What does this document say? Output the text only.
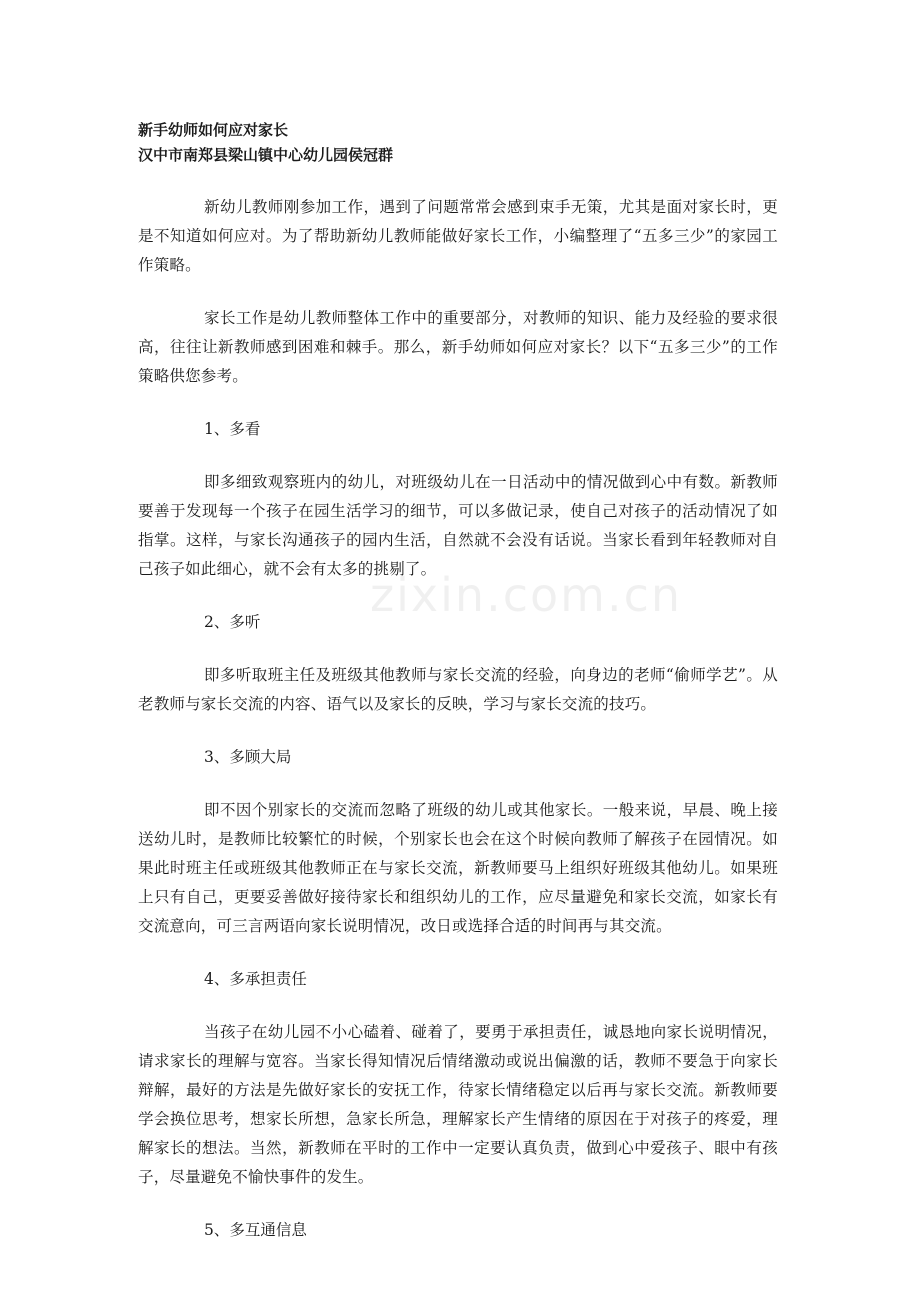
zixin.com.cn

新手幼师如何应对家长

汉中市南郑县梁山镇中心幼儿园侯冠群

新幼儿教师刚参加工作，遇到了问题常常会感到束手无策，尤其是面对家长时，更是不知道如何应对。为了帮助新幼儿教师能做好家长工作，小编整理了“五多三少”的家园工作策略。

家长工作是幼儿教师整体工作中的重要部分，对教师的知识、能力及经验的要求很高，往往让新教师感到困难和棘手。那么，新手幼师如何应对家长？以下“五多三少”的工作策略供您参考。

1、多看

即多细致观察班内的幼儿，对班级幼儿在一日活动中的情况做到心中有数。新教师要善于发现每一个孩子在园生活学习的细节，可以多做记录，使自己对孩子的活动情况了如指掌。这样，与家长沟通孩子的园内生活，自然就不会没有话说。当家长看到年轻教师对自己孩子如此细心，就不会有太多的挑剔了。

2、多听

即多听取班主任及班级其他教师与家长交流的经验，向身边的老师“偷师学艺”。从老教师与家长交流的内容、语气以及家长的反映，学习与家长交流的技巧。

3、多顾大局

即不因个别家长的交流而忽略了班级的幼儿或其他家长。一般来说，早晨、晚上接送幼儿时，是教师比较繁忙的时候，个别家长也会在这个时候向教师了解孩子在园情况。如果此时班主任或班级其他教师正在与家长交流，新教师要马上组织好班级其他幼儿。如果班上只有自己，更要妥善做好接待家长和组织幼儿的工作，应尽量避免和家长交流，如家长有交流意向，可三言两语向家长说明情况，改日或选择合适的时间再与其交流。

4、多承担责任

当孩子在幼儿园不小心磕着、碰着了，要勇于承担责任，诚恳地向家长说明情况，请求家长的理解与宽容。当家长得知情况后情绪激动或说出偏激的话，教师不要急于向家长辩解，最好的方法是先做好家长的安抚工作，待家长情绪稳定以后再与家长交流。新教师要学会换位思考，想家长所想，急家长所急，理解家长产生情绪的原因在于对孩子的疼爱，理解家长的想法。当然，新教师在平时的工作中一定要认真负责，做到心中爱孩子、眼中有孩子，尽量避免不愉快事件的发生。

5、多互通信息
